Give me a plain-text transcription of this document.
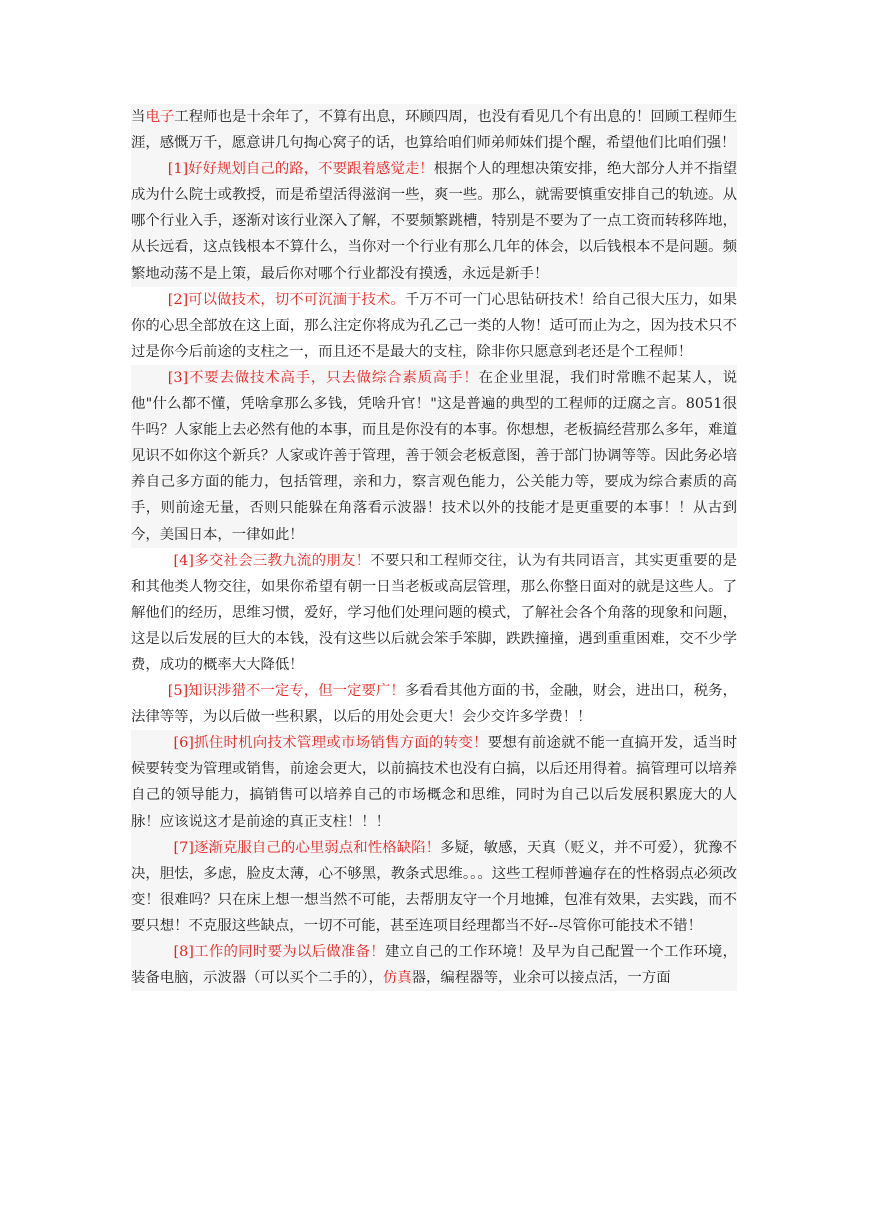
当电子工程师也是十余年了，不算有出息，环顾四周，也没有看见几个有出息的！回顾工程师生涯，感慨万千，愿意讲几句掏心窝子的话，也算给咱们师弟师妹们提个醒，希望他们比咱们强！

[1]好好规划自己的路，不要跟着感觉走！根据个人的理想决策安排，绝大部分人并不指望成为什么院士或教授，而是希望活得滋润一些，爽一些。那么，就需要慎重安排自己的轨迹。从哪个行业入手，逐渐对该行业深入了解，不要频繁跳槽，特别是不要为了一点工资而转移阵地，从长远看，这点钱根本不算什么，当你对一个行业有那么几年的体会，以后钱根本不是问题。频繁地动荡不是上策，最后你对哪个行业都没有摸透，永远是新手！

[2]可以做技术，切不可沉湎于技术。千万不可一门心思钻研技术！给自己很大压力，如果你的心思全部放在这上面，那么注定你将成为孔乙己一类的人物！适可而止为之，因为技术只不过是你今后前途的支柱之一，而且还不是最大的支柱，除非你只愿意到老还是个工程师！

[3]不要去做技术高手，只去做综合素质高手！在企业里混，我们时常瞧不起某人，说他"什么都不懂，凭啥拿那么多钱，凭啥升官！"这是普遍的典型的工程师的迂腐之言。8051很牛吗？人家能上去必然有他的本事，而且是你没有的本事。你想想，老板搞经营那么多年，难道见识不如你这个新兵？人家或许善于管理，善于领会老板意图，善于部门协调等等。因此务必培养自己多方面的能力，包括管理，亲和力，察言观色能力，公关能力等，要成为综合素质的高手，则前途无量，否则只能躲在角落看示波器！技术以外的技能才是更重要的本事！！从古到今，美国日本，一律如此！

[4]多交社会三教九流的朋友！不要只和工程师交往，认为有共同语言，其实更重要的是和其他类人物交往，如果你希望有朝一日当老板或高层管理，那么你整日面对的就是这些人。了解他们的经历，思维习惯，爱好，学习他们处理问题的模式，了解社会各个角落的现象和问题，这是以后发展的巨大的本钱，没有这些以后就会笨手笨脚，跌跌撞撞，遇到重重困难，交不少学费，成功的概率大大降低！

[5]知识涉猎不一定专，但一定要广！多看看其他方面的书，金融，财会，进出口，税务，法律等等，为以后做一些积累，以后的用处会更大！会少交许多学费！！

[6]抓住时机向技术管理或市场销售方面的转变！要想有前途就不能一直搞开发，适当时候要转变为管理或销售，前途会更大，以前搞技术也没有白搞，以后还用得着。搞管理可以培养自己的领导能力，搞销售可以培养自己的市场概念和思维，同时为自己以后发展积累庞大的人脉！应该说这才是前途的真正支柱！！！

[7]逐渐克服自己的心里弱点和性格缺陷！多疑，敏感，天真（贬义，并不可爱），犹豫不决，胆怯，多虑，脸皮太薄，心不够黑，教条式思维。。。这些工程师普遍存在的性格弱点必须改变！很难吗？只在床上想一想当然不可能，去帮朋友守一个月地摊，包准有效果，去实践，而不要只想！不克服这些缺点，一切不可能，甚至连项目经理都当不好--尽管你可能技术不错！

[8]工作的同时要为以后做准备！建立自己的工作环境！及早为自己配置一个工作环境，装备电脑，示波器（可以买个二手的），仿真器，编程器等，业余可以接点活，一方面
